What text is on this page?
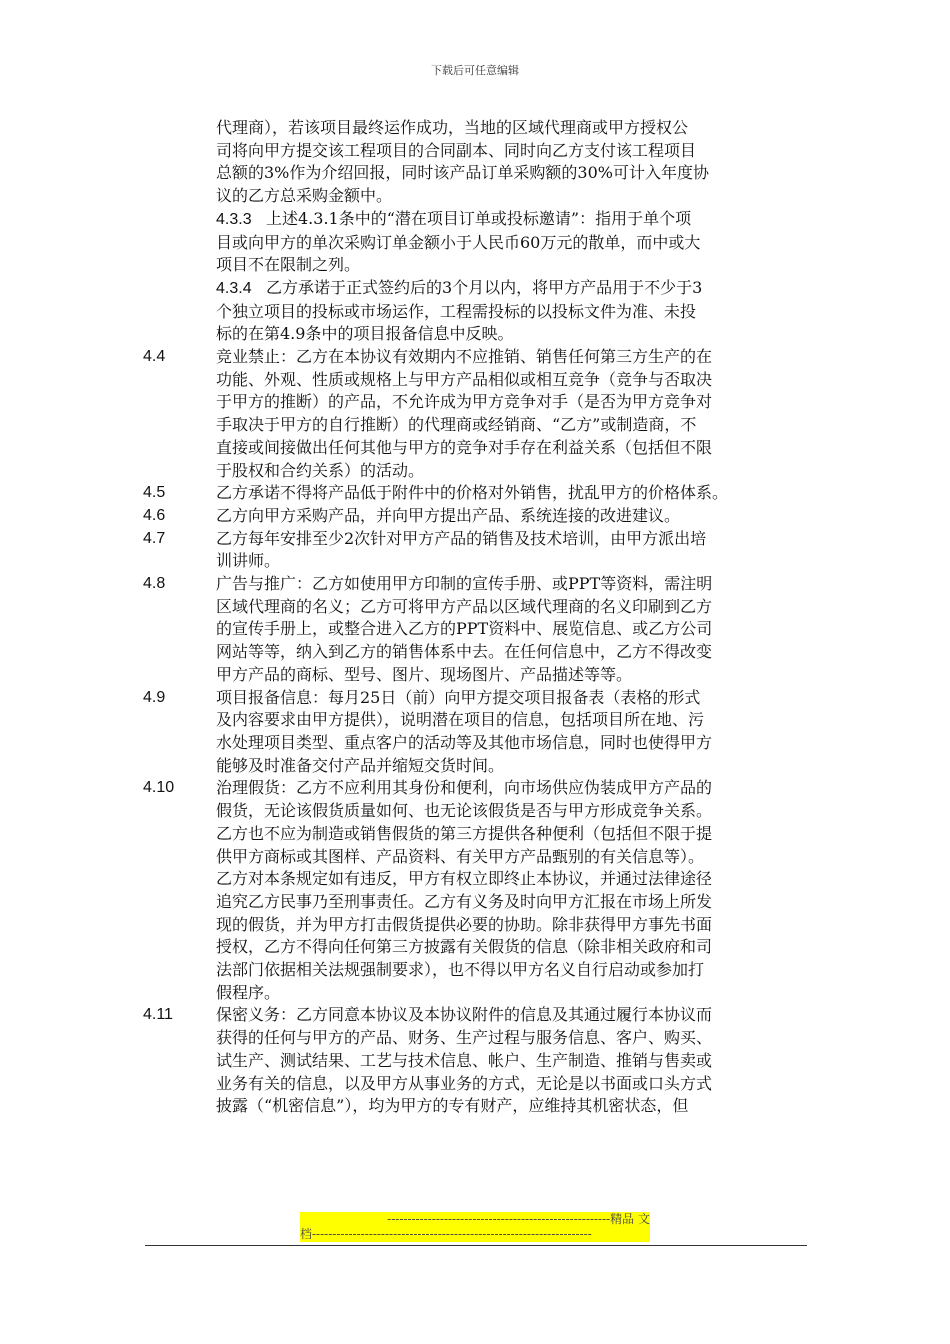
下载后可任意编辑
代理商），若该项目最终运作成功，当地的区域代理商或甲方授权公
司将向甲方提交该工程项目的合同副本、同时向乙方支付该工程项目
总额的3%作为介绍回报，同时该产品订单采购额的30%可计入年度协
议的乙方总采购金额中。
4.3.3 上述4.3.1条中的“潜在项目订单或投标邀请”：指用于单个项
目或向甲方的单次采购订单金额小于人民币60万元的散单，而中或大
项目不在限制之列。
4.3.4 乙方承诺于正式签约后的3个月以内，将甲方产品用于不少于3
个独立项目的投标或市场运作，工程需投标的以投标文件为准、未投
标的在第4.9条中的项目报备信息中反映。
4.4	竞业禁止：乙方在本协议有效期内不应推销、销售任何第三方生产的在
功能、外观、性质或规格上与甲方产品相似或相互竞争（竞争与否取决
于甲方的推断）的产品，不允许成为甲方竞争对手（是否为甲方竞争对
手取决于甲方的自行推断）的代理商或经销商、“乙方”或制造商，不
直接或间接做出任何其他与甲方的竞争对手存在利益关系（包括但不限
于股权和合约关系）的活动。
4.5	乙方承诺不得将产品低于附件中的价格对外销售，扰乱甲方的价格体系。
4.6	乙方向甲方采购产品，并向甲方提出产品、系统连接的改进建议。
4.7	乙方每年安排至少2次针对甲方产品的销售及技术培训，由甲方派出培
训讲师。
4.8	广告与推广：乙方如使用甲方印制的宣传手册、或PPT等资料，需注明
区域代理商的名义；乙方可将甲方产品以区域代理商的名义印刷到乙方
的宣传手册上，或整合进入乙方的PPT资料中、展览信息、或乙方公司
网站等等，纳入到乙方的销售体系中去。在任何信息中，乙方不得改变
甲方产品的商标、型号、图片、现场图片、产品描述等等。
4.9	项目报备信息：每月25日（前）向甲方提交项目报备表（表格的形式
及内容要求由甲方提供），说明潜在项目的信息，包括项目所在地、污
水处理项目类型、重点客户的活动等及其他市场信息，同时也使得甲方
能够及时准备交付产品并缩短交货时间。
4.10	治理假货：乙方不应利用其身份和便利，向市场供应伪装成甲方产品的
假货，无论该假货质量如何、也无论该假货是否与甲方形成竞争关系。
乙方也不应为制造或销售假货的第三方提供各种便利（包括但不限于提
供甲方商标或其图样、产品资料、有关甲方产品甄别的有关信息等）。
乙方对本条规定如有违反，甲方有权立即终止本协议，并通过法律途径
追究乙方民事乃至刑事责任。乙方有义务及时向甲方汇报在市场上所发
现的假货，并为甲方打击假货提供必要的协助。除非获得甲方事先书面
授权，乙方不得向任何第三方披露有关假货的信息（除非相关政府和司
法部门依据相关法规强制要求），也不得以甲方名义自行启动或参加打
假程序。
4.11	保密义务：乙方同意本协议及本协议附件的信息及其通过履行本协议而
获得的任何与甲方的产品、财务、生产过程与服务信息、客户、购买、
试生产、测试结果、工艺与技术信息、帐户、生产制造、推销与售卖或
业务有关的信息，以及甲方从事业务的方式，无论是以书面或口头方式
披露（“机密信息”），均为甲方的专有财产，应维持其机密状态，但
-------------------------------------------------------精品 文
档---------------------------------------------------------------------
